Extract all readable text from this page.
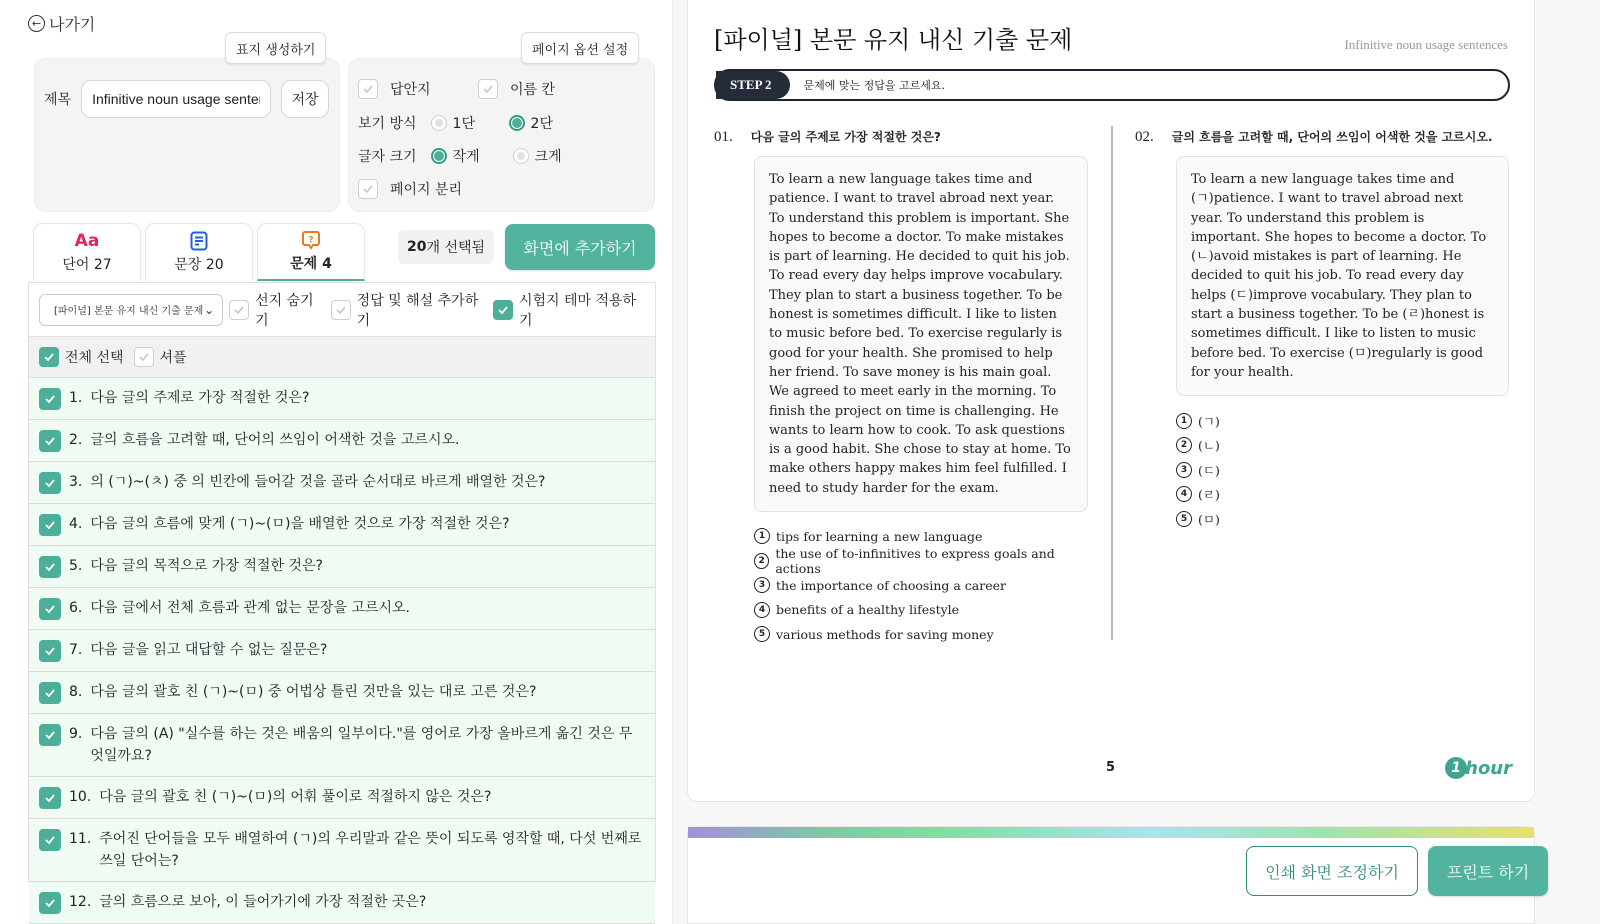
← 나가기
표지 생성하기
제목
Infinitive noun usage sentences	저장
페이지 옵션 설정
답안지	이름 칸
보기 방식	1단	2단
글자 크기	작게	크게
페이지 분리
Aa
단어 27	문장 20
?
문제 4
20 개 선택됨	화면에 추가하기
[파이널] 본문 유지 내신 기출 문제 ⌄
선지 숨기기
정답 및 해설 추가하기
시험지 테마 적용하기
전체 선택	셔플
1. 다음 글의 주제로 가장 적절한 것은?
2. 글의 흐름을 고려할 때, 단어의 쓰임이 어색한 것을 고르시오.
3. 의 (ㄱ)~(ㅊ) 중 의 빈칸에 들어갈 것을 골라 순서대로 바르게 배열한 것은?
4. 다음 글의 흐름에 맞게 (ㄱ)~(ㅁ)을 배열한 것으로 가장 적절한 것은?
5. 다음 글의 목적으로 가장 적절한 것은?
6. 다음 글에서 전체 흐름과 관계 없는 문장을 고르시오.
7. 다음 글을 읽고 대답할 수 없는 질문은?
8. 다음 글의 괄호 친 (ㄱ)~(ㅁ) 중 어법상 틀린 것만을 있는 대로 고른 것은?
9. 다음 글의 (A) "실수를 하는 것은 배움의 일부이다."를 영어로 가장 올바르게 옮긴 것은 무엇일까요?
10. 다음 글의 괄호 친 (ㄱ)~(ㅁ)의 어휘 풀이로 적절하지 않은 것은?
11. 주어진 단어들을 모두 배열하여 (ㄱ)의 우리말과 같은 뜻이 되도록 영작할 때, 다섯 번째로 쓰일 단어는?
12. 글의 흐름으로 보아, 이 들어가기에 가장 적절한 곳은?
[파이널] 본문 유지 내신 기출 문제	Infinitive noun usage sentences
STEP 2	문제에 맞는 정답을 고르세요.
01. 다음 글의 주제로 가장 적절한 것은?
To learn a new language takes time and patience. I want to travel abroad next year. To understand this problem is important. She hopes to become a doctor. To make mistakes is part of learning. He decided to quit his job. To read every day helps improve vocabulary. They plan to start a business together. To be honest is sometimes difficult. I like to listen to music before bed. To exercise regularly is good for your health. She promised to help her friend. To save money is his main goal. We agreed to meet early in the morning. To finish the project on time is challenging. He wants to learn how to cook. To ask questions is a good habit. She chose to stay at home. To make others happy makes him feel fulfilled. I need to study harder for the exam.
1 tips for learning a new language
2 the use of to-infinitives to express goals and actions
3 the importance of choosing a career
4 benefits of a healthy lifestyle
5 various methods for saving money
02. 글의 흐름을 고려할 때, 단어의 쓰임이 어색한 것을 고르시오.
To learn a new language takes time and (ㄱ)patience. I want to travel abroad next year. To understand this problem is important. She hopes to become a doctor. To (ㄴ)avoid mistakes is part of learning. He decided to quit his job. To read every day helps (ㄷ)improve vocabulary. They plan to start a business together. To be (ㄹ)honest is sometimes difficult. I like to listen to music before bed. To exercise (ㅁ)regularly is good for your health.
1 (ㄱ)
2 (ㄴ)
3 (ㄷ)
4 (ㄹ)
5 (ㅁ)
5	1 hour
인쇄 화면 조정하기	프린트 하기
